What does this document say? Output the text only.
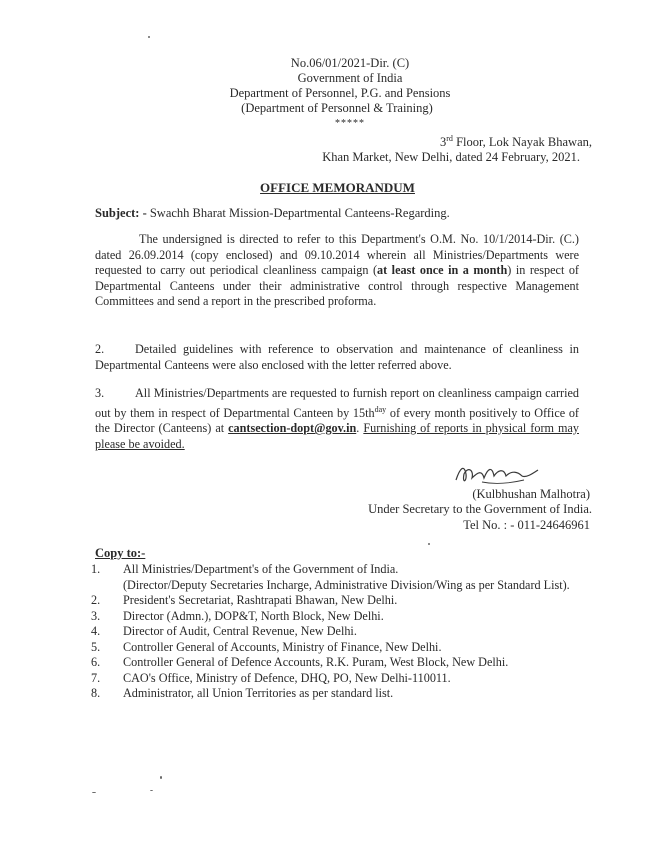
No.06/01/2021-Dir. (C)
Government of India
Department of Personnel, P.G. and Pensions
(Department of Personnel & Training)
*****
3rd Floor, Lok Nayak Bhawan,
Khan Market, New Delhi, dated 24 February, 2021.
OFFICE MEMORANDUM
Subject: - Swachh Bharat Mission-Departmental Canteens-Regarding.
The undersigned is directed to refer to this Department's O.M. No. 10/1/2014-Dir. (C.) dated 26.09.2014 (copy enclosed) and 09.10.2014 wherein all Ministries/Departments were requested to carry out periodical cleanliness campaign (at least once in a month) in respect of Departmental Canteens under their administrative control through respective Management Committees and send a report in the prescribed proforma.
2.	Detailed guidelines with reference to observation and maintenance of cleanliness in Departmental Canteens were also enclosed with the letter referred above.
3.	All Ministries/Departments are requested to furnish report on cleanliness campaign carried out by them in respect of Departmental Canteen by $15th^{day}$ of every month positively to Office of the Director (Canteens) at cantsection-dopt@gov.in. Furnishing of reports in physical form may please be avoided.
(Kulbhushan Malhotra)
Under Secretary to the Government of India.
Tel No. : - 011-24646961
Copy to:-
1. All Ministries/Department's of the Government of India.
(Director/Deputy Secretaries Incharge, Administrative Division/Wing as per Standard List).
2. President's Secretariat, Rashtrapati Bhawan, New Delhi.
3. Director (Admn.), DOP&T, North Block, New Delhi.
4. Director of Audit, Central Revenue, New Delhi.
5. Controller General of Accounts, Ministry of Finance, New Delhi.
6. Controller General of Defence Accounts, R.K. Puram, West Block, New Delhi.
7. CAO's Office, Ministry of Defence, DHQ, PO, New Delhi-110011.
8. Administrator, all Union Territories as per standard list.
